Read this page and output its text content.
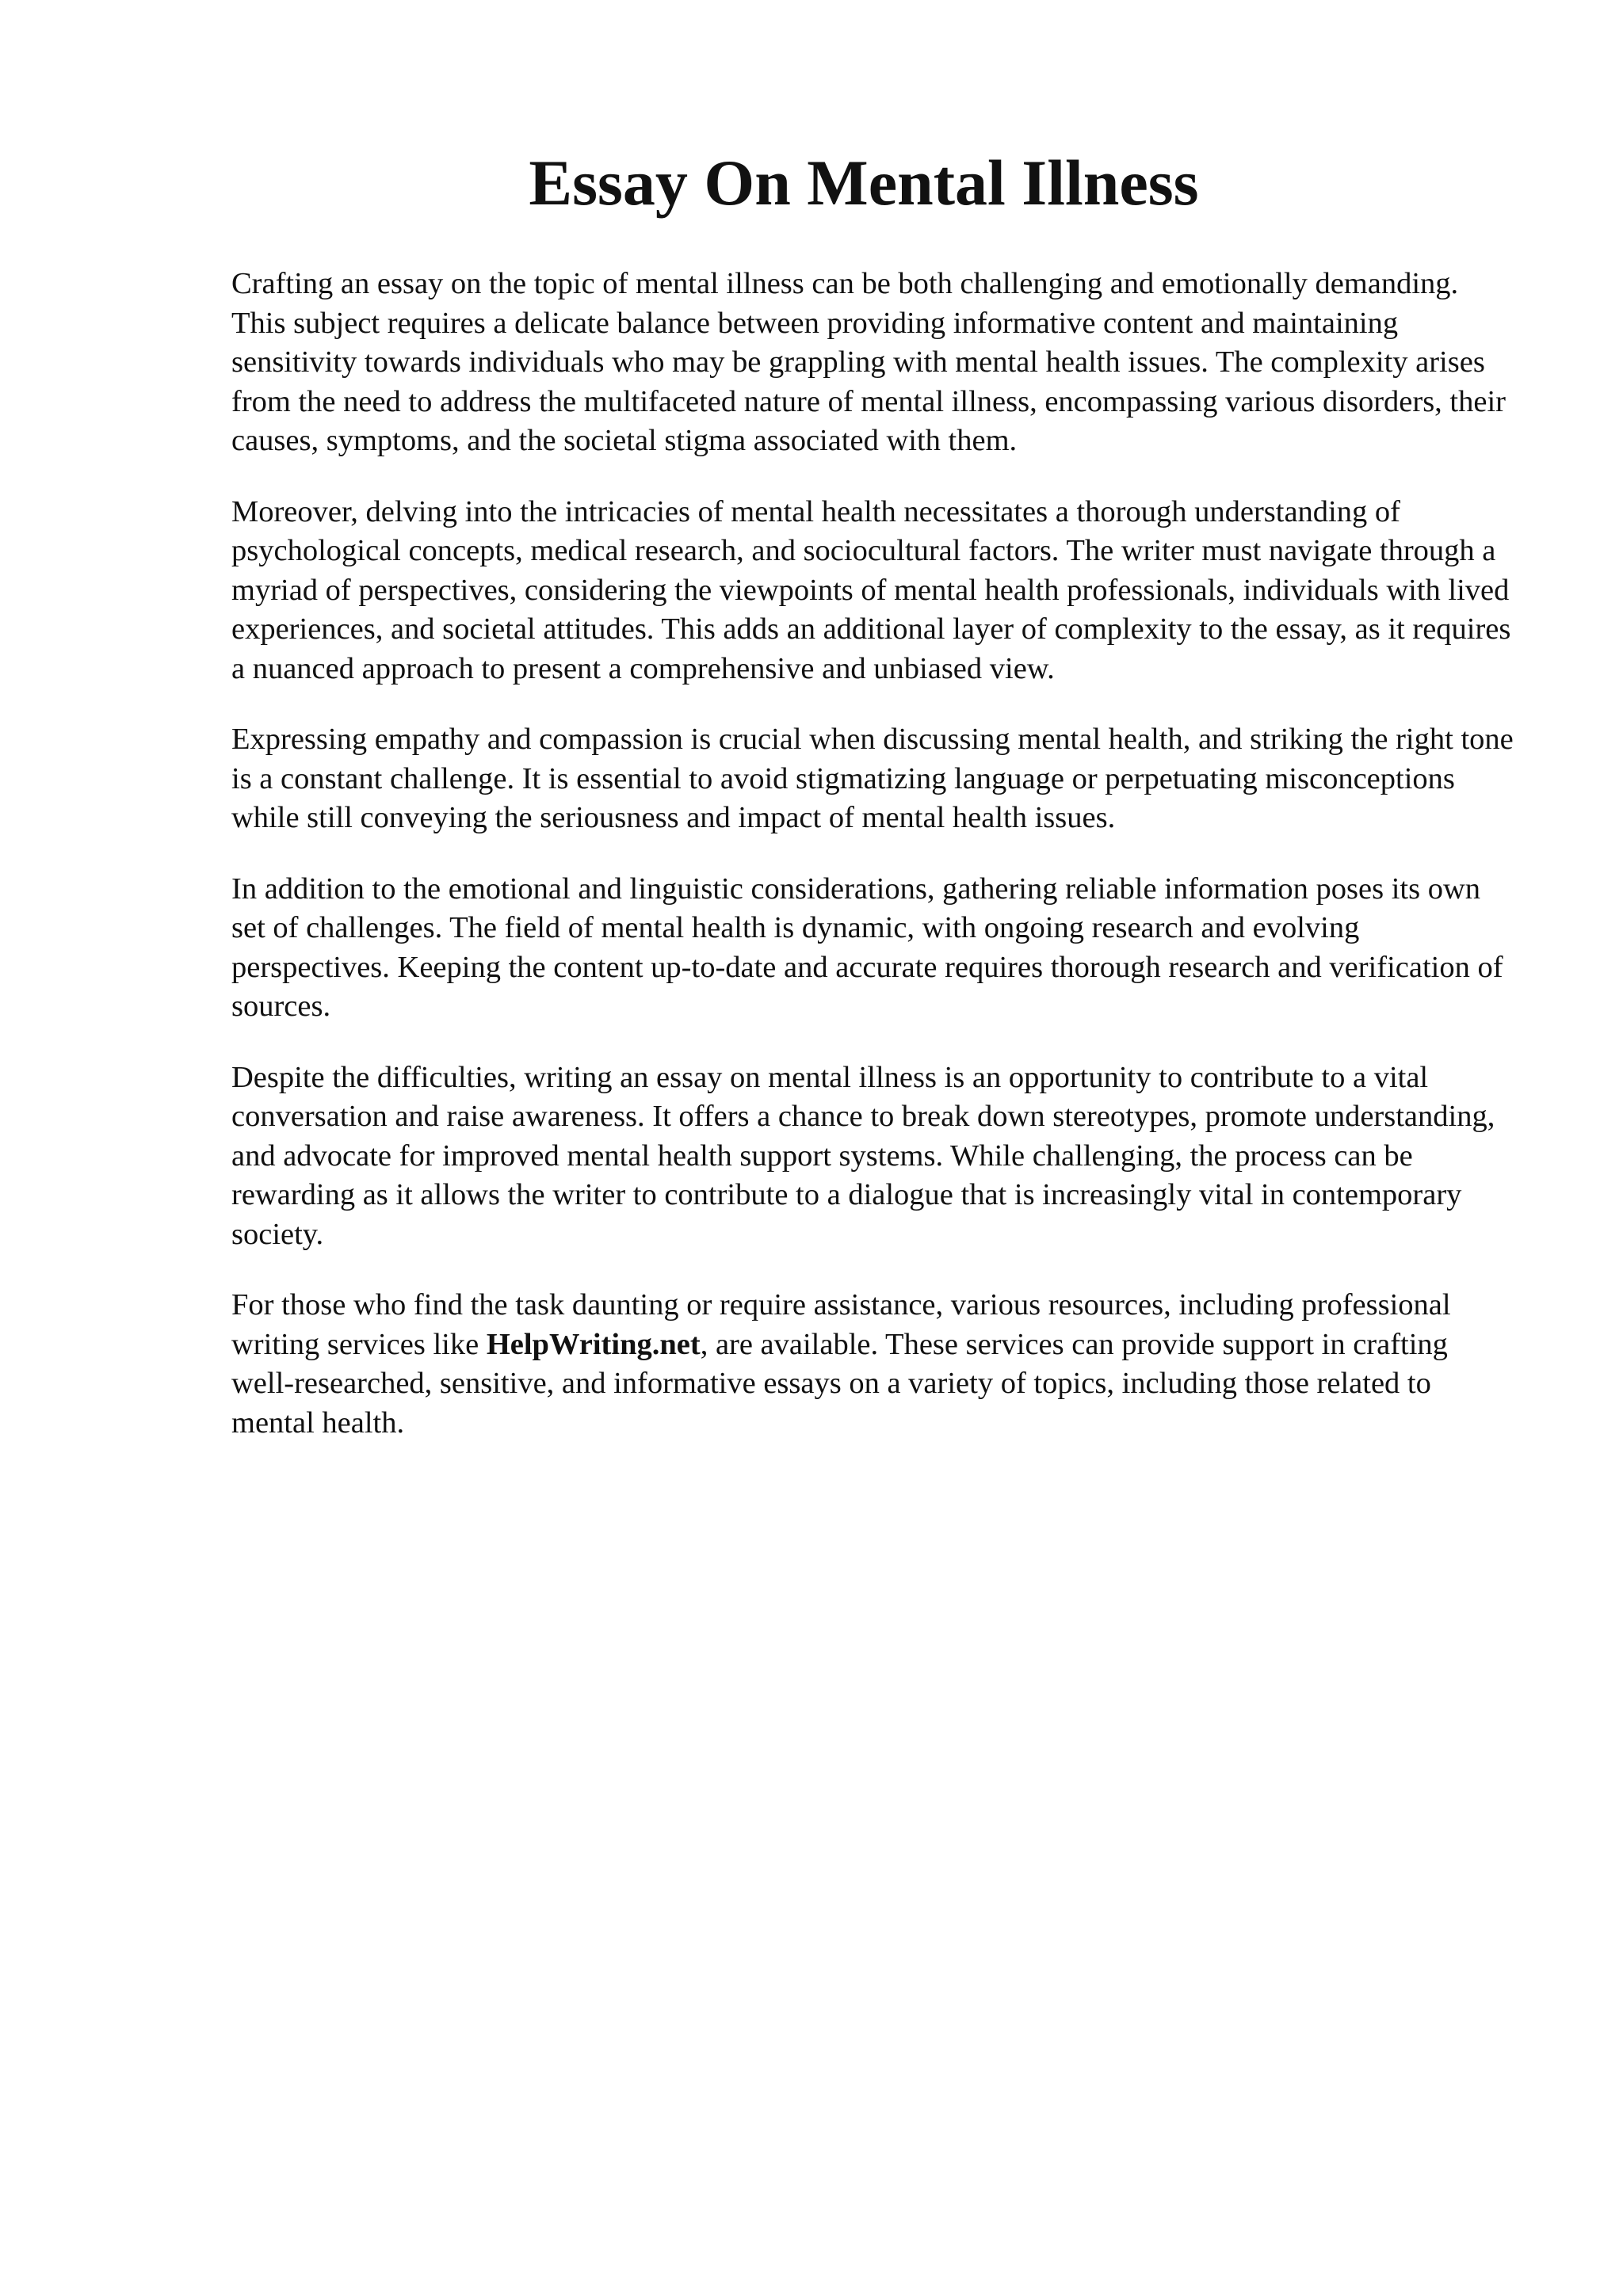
Essay On Mental Illness

Crafting an essay on the topic of mental illness can be both challenging and emotionally demanding. This subject requires a delicate balance between providing informative content and maintaining sensitivity towards individuals who may be grappling with mental health issues. The complexity arises from the need to address the multifaceted nature of mental illness, encompassing various disorders, their causes, symptoms, and the societal stigma associated with them.

Moreover, delving into the intricacies of mental health necessitates a thorough understanding of psychological concepts, medical research, and sociocultural factors. The writer must navigate through a myriad of perspectives, considering the viewpoints of mental health professionals, individuals with lived experiences, and societal attitudes. This adds an additional layer of complexity to the essay, as it requires a nuanced approach to present a comprehensive and unbiased view.

Expressing empathy and compassion is crucial when discussing mental health, and striking the right tone is a constant challenge. It is essential to avoid stigmatizing language or perpetuating misconceptions while still conveying the seriousness and impact of mental health issues.

In addition to the emotional and linguistic considerations, gathering reliable information poses its own set of challenges. The field of mental health is dynamic, with ongoing research and evolving perspectives. Keeping the content up-to-date and accurate requires thorough research and verification of sources.

Despite the difficulties, writing an essay on mental illness is an opportunity to contribute to a vital conversation and raise awareness. It offers a chance to break down stereotypes, promote understanding, and advocate for improved mental health support systems. While challenging, the process can be rewarding as it allows the writer to contribute to a dialogue that is increasingly vital in contemporary society.

For those who find the task daunting or require assistance, various resources, including professional writing services like HelpWriting.net, are available. These services can provide support in crafting well-researched, sensitive, and informative essays on a variety of topics, including those related to mental health.
